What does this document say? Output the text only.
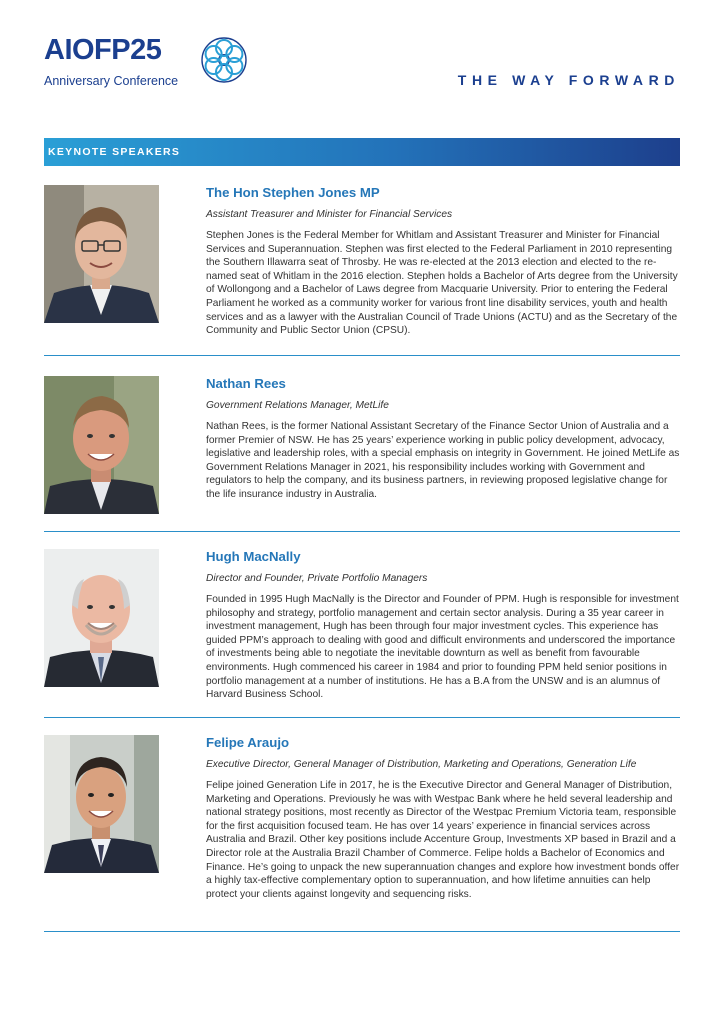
AIOFP25
Anniversary Conference	THE WAY FORWARD
KEYNOTE SPEAKERS
The Hon Stephen Jones MP
Assistant Treasurer and Minister for Financial Services
Stephen Jones is the Federal Member for Whitlam and Assistant Treasurer and Minister for Financial Services and Superannuation. Stephen was first elected to the Federal Parliament in 2010 representing the Southern Illawarra seat of Throsby. He was re-elected at the 2013 election and elected to the re-named seat of Whitlam in the 2016 election. Stephen holds a Bachelor of Arts degree from the University of Wollongong and a Bachelor of Laws degree from Macquarie University. Prior to entering the Federal Parliament he worked as a community worker for various front line disability services, youth and health services and as a lawyer with the Australian Council of Trade Unions (ACTU) and as the Secretary of the Community and Public Sector Union (CPSU).
Nathan Rees
Government Relations Manager, MetLife
Nathan Rees, is the former National Assistant Secretary of the Finance Sector Union of Australia and a former Premier of NSW. He has 25 years’ experience working in public policy development, advocacy, legislative and leadership roles, with a special emphasis on integrity in Government. He joined MetLife as Government Relations Manager in 2021, his responsibility includes working with Government and regulators to help the company, and its business partners, in reviewing proposed legislative change for the life insurance industry in Australia.
Hugh MacNally
Director and Founder, Private Portfolio Managers
Founded in 1995 Hugh MacNally is the Director and Founder of PPM. Hugh is responsible for investment philosophy and strategy, portfolio management and certain sector analysis. During a 35 year career in investment management, Hugh has been through four major investment cycles. This experience has guided PPM’s approach to dealing with good and difficult environments and underscored the importance of investments being able to negotiate the inevitable downturn as well as benefit from favourable environments. Hugh commenced his career in 1984 and prior to founding PPM held senior positions in portfolio management at a number of institutions. He has a B.A from the UNSW and is an alumnus of Harvard Business School.
Felipe Araujo
Executive Director, General Manager of Distribution, Marketing and Operations, Generation Life
Felipe joined Generation Life in 2017, he is the Executive Director and General Manager of Distribution, Marketing and Operations. Previously he was with Westpac Bank where he held several leadership and national strategy positions, most recently as Director of the Westpac Premium Victoria team, responsible for the first acquisition focused team. He has over 14 years’ experience in financial services across Australia and Brazil. Other key positions include Accenture Group, Investments XP based in Brazil and a Director role at the Australia Brazil Chamber of Commerce. Felipe holds a Bachelor of Economics and Finance. He’s going to unpack the new superannuation changes and explore how investment bonds offer a highly tax-effective complementary option to superannuation, and how lifetime annuities can help protect your clients against longevity and sequencing risks.
